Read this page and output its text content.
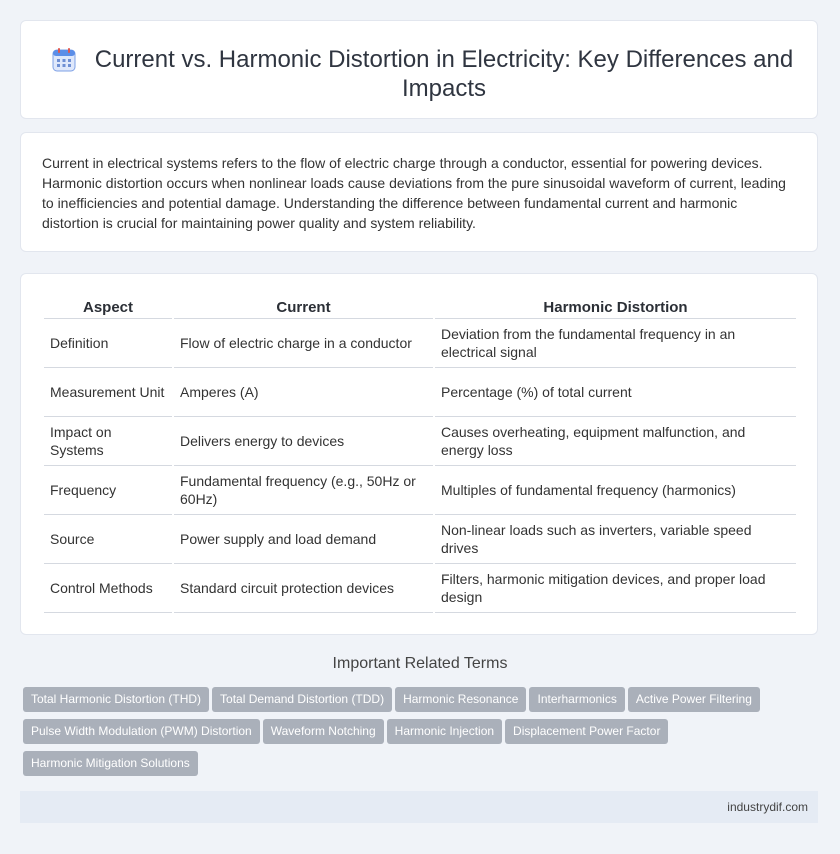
Current vs. Harmonic Distortion in Electricity: Key Differences and Impacts

Current in electrical systems refers to the flow of electric charge through a conductor, essential for powering devices. Harmonic distortion occurs when nonlinear loads cause deviations from the pure sinusoidal waveform of current, leading to inefficiencies and potential damage. Understanding the difference between fundamental current and harmonic distortion is crucial for maintaining power quality and system reliability.

Aspect	Current	Harmonic Distortion
Definition	Flow of electric charge in a conductor	Deviation from the fundamental frequency in an electrical signal
Measurement Unit	Amperes (A)	Percentage (%) of total current
Impact on Systems	Delivers energy to devices	Causes overheating, equipment malfunction, and energy loss
Frequency	Fundamental frequency (e.g., 50Hz or 60Hz)	Multiples of fundamental frequency (harmonics)
Source	Power supply and load demand	Non-linear loads such as inverters, variable speed drives
Control Methods	Standard circuit protection devices	Filters, harmonic mitigation devices, and proper load design
Important Related Terms
Total Harmonic Distortion (THD) Total Demand Distortion (TDD) Harmonic Resonance Interharmonics Active Power FilteringPulse Width Modulation (PWM) Distortion Waveform Notching Harmonic Injection Displacement Power FactorHarmonic Mitigation Solutions
industrydif.com
